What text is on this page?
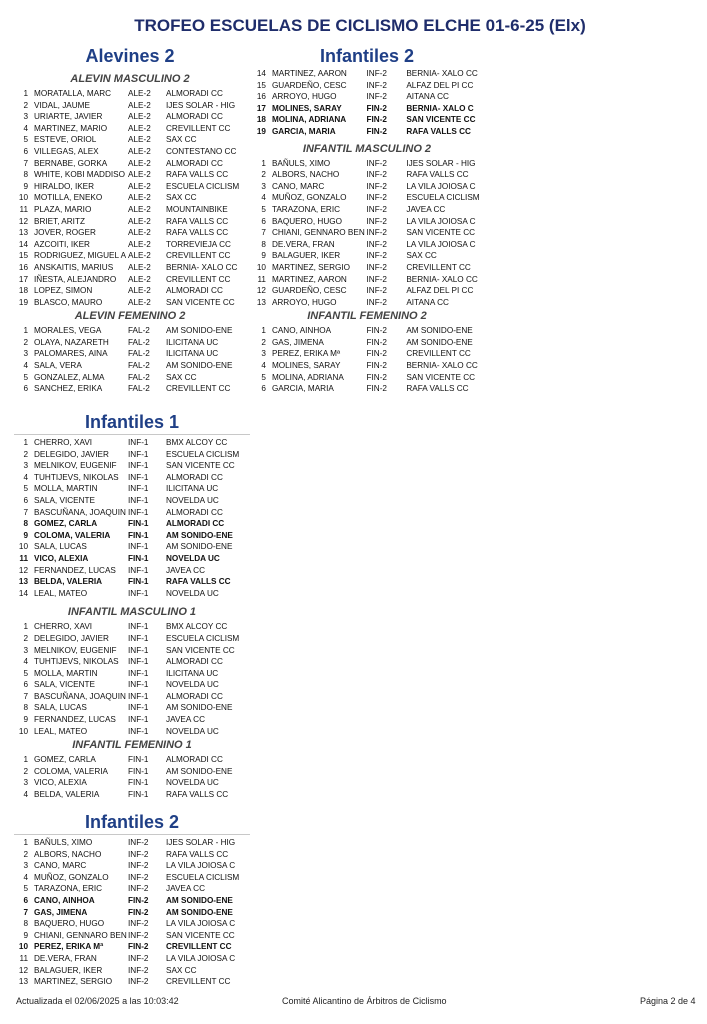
TROFEO ESCUELAS DE CICLISMO ELCHE 01-6-25 (Elx)
Alevines 2
ALEVIN MASCULINO 2
1 MORATALLA, MARC	ALE-2	ALMORADI CC
2 VIDAL, JAUME	ALE-2	IJES SOLAR - HIG
3 URIARTE, JAVIER	ALE-2	ALMORADI CC
4 MARTINEZ, MARIO	ALE-2	CREVILLENT CC
5 ESTEVE, ORIOL	ALE-2	SAX CC
6 VILLEGAS, ALEX	ALE-2	CONTESTANO CC
7 BERNABE, GORKA	ALE-2	ALMORADI CC
8 WHITE, KOBI MADDISO ALE-2	RAFA VALLS CC
9 HIRALDO, IKER	ALE-2	ESCUELA CICLISM
10 MOTILLA, ENEKO	ALE-2	SAX CC
11 PLAZA, MARIO	ALE-2	MOUNTAINBIKE
12 BRIET, ARITZ	ALE-2	RAFA VALLS CC
13 JOVER, ROGER	ALE-2	RAFA VALLS CC
14 AZCOITI, IKER	ALE-2	TORREVIEJA CC
15 RODRIGUEZ, MIGUEL A ALE-2	CREVILLENT CC
16 ANSKAITIS, MARIUS	ALE-2	BERNIA- XALO CC
17 IÑESTA, ALEJANDRO	ALE-2	CREVILLENT CC
18 LOPEZ, SIMON	ALE-2	ALMORADI CC
19 BLASCO, MAURO	ALE-2	SAN VICENTE CC
ALEVIN FEMENINO 2
1 MORALES, VEGA	FAL-2	AM SONIDO-ENE
2 OLAYA, NAZARETH	FAL-2	ILICITANA UC
3 PALOMARES, AINA	FAL-2	ILICITANA UC
4 SALA, VERA	FAL-2	AM SONIDO-ENE
5 GONZALEZ, ALMA	FAL-2	SAX CC
6 SANCHEZ, ERIKA	FAL-2	CREVILLENT CC
Infantiles 2
14 MARTINEZ, AARON	INF-2	BERNIA- XALO CC
15 GUARDEÑO, CESC	INF-2	ALFAZ DEL PI CC
16 ARROYO, HUGO	INF-2	AITANA CC
17 MOLINES, SARAY	FIN-2	BERNIA- XALO C
18 MOLINA, ADRIANA	FIN-2	SAN VICENTE CC
19 GARCIA, MARIA	FIN-2	RAFA VALLS CC
INFANTIL MASCULINO 2
1 BAÑULS, XIMO	INF-2	IJES SOLAR - HIG
2 ALBORS, NACHO	INF-2	RAFA VALLS CC
3 CANO, MARC	INF-2	LA VILA JOIOSA C
4 MUÑOZ, GONZALO	INF-2	ESCUELA CICLISM
5 TARAZONA, ERIC	INF-2	JAVEA CC
6 BAQUERO, HUGO	INF-2	LA VILA JOIOSA C
7 CHIANI, GENNARO BEN INF-2	SAN VICENTE CC
8 DE.VERA, FRAN	INF-2	LA VILA JOIOSA C
9 BALAGUER, IKER	INF-2	SAX CC
10 MARTINEZ, SERGIO	INF-2	CREVILLENT CC
11 MARTINEZ, AARON	INF-2	BERNIA- XALO CC
12 GUARDEÑO, CESC	INF-2	ALFAZ DEL PI CC
13 ARROYO, HUGO	INF-2	AITANA CC
INFANTIL FEMENINO 2
1 CANO, AINHOA	FIN-2	AM SONIDO-ENE
2 GAS, JIMENA	FIN-2	AM SONIDO-ENE
3 PEREZ, ERIKA Mª	FIN-2	CREVILLENT CC
4 MOLINES, SARAY	FIN-2	BERNIA- XALO CC
5 MOLINA, ADRIANA	FIN-2	SAN VICENTE CC
6 GARCIA, MARIA	FIN-2	RAFA VALLS CC
Infantiles 1
1 CHERRO, XAVI	INF-1	BMX ALCOY CC
2 DELEGIDO, JAVIER	INF-1	ESCUELA CICLISM
3 MELNIKOV, EUGENIF	INF-1	SAN VICENTE CC
4 TUHTIJEVS, NIKOLAS	INF-1	ALMORADI CC
5 MOLLA, MARTIN	INF-1	ILICITANA UC
6 SALA, VICENTE	INF-1	NOVELDA UC
7 BASCUÑANA, JOAQUIN INF-1	ALMORADI CC
8 GOMEZ, CARLA	FIN-1	ALMORADI CC
9 COLOMA, VALERIA	FIN-1	AM SONIDO-ENE
10 SALA, LUCAS	INF-1	AM SONIDO-ENE
11 VICO, ALEXIA	FIN-1	NOVELDA UC
12 FERNANDEZ, LUCAS	INF-1	JAVEA CC
13 BELDA, VALERIA	FIN-1	RAFA VALLS CC
14 LEAL, MATEO	INF-1	NOVELDA UC
INFANTIL MASCULINO 1
1 CHERRO, XAVI	INF-1	BMX ALCOY CC
2 DELEGIDO, JAVIER	INF-1	ESCUELA CICLISM
3 MELNIKOV, EUGENIF	INF-1	SAN VICENTE CC
4 TUHTIJEVS, NIKOLAS	INF-1	ALMORADI CC
5 MOLLA, MARTIN	INF-1	ILICITANA UC
6 SALA, VICENTE	INF-1	NOVELDA UC
7 BASCUÑANA, JOAQUIN INF-1	ALMORADI CC
8 SALA, LUCAS	INF-1	AM SONIDO-ENE
9 FERNANDEZ, LUCAS	INF-1	JAVEA CC
10 LEAL, MATEO	INF-1	NOVELDA UC
INFANTIL FEMENINO 1
1 GOMEZ, CARLA	FIN-1	ALMORADI CC
2 COLOMA, VALERIA	FIN-1	AM SONIDO-ENE
3 VICO, ALEXIA	FIN-1	NOVELDA UC
4 BELDA, VALERIA	FIN-1	RAFA VALLS CC
Infantiles 2
1 BAÑULS, XIMO	INF-2	IJES SOLAR - HIG
2 ALBORS, NACHO	INF-2	RAFA VALLS CC
3 CANO, MARC	INF-2	LA VILA JOIOSA C
4 MUÑOZ, GONZALO	INF-2	ESCUELA CICLISM
5 TARAZONA, ERIC	INF-2	JAVEA CC
6 CANO, AINHOA	FIN-2	AM SONIDO-ENE
7 GAS, JIMENA	FIN-2	AM SONIDO-ENE
8 BAQUERO, HUGO	INF-2	LA VILA JOIOSA C
9 CHIANI, GENNARO BEN INF-2	SAN VICENTE CC
10 PEREZ, ERIKA Mª	FIN-2	CREVILLENT CC
11 DE.VERA, FRAN	INF-2	LA VILA JOIOSA C
12 BALAGUER, IKER	INF-2	SAX CC
13 MARTINEZ, SERGIO	INF-2	CREVILLENT CC
Actualizada el 02/06/2025 a las 10:03:42	Comité Alicantino de Árbitros de Ciclismo	Página 2 de 4
